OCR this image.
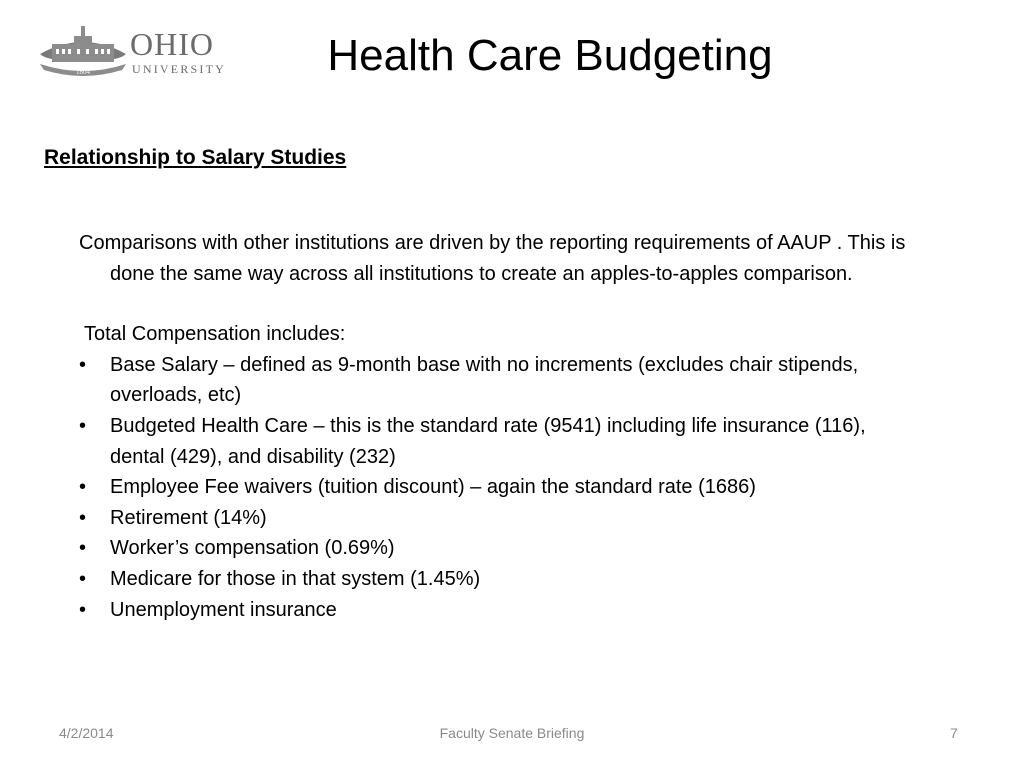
1804
OHIO
UNIVERSITY	Health Care Budgeting
Relationship to Salary Studies

Comparisons with other institutions are driven by the reporting requirements of AAUP . This is done the same way across all institutions to create an apples-to-apples comparison.

Total Compensation includes:

• Base Salary – defined as 9-month base with no increments (excludes chair stipends, overloads, etc)
• Budgeted Health Care – this is the standard rate (9541) including life insurance (116), dental (429), and disability (232)
• Employee Fee waivers (tuition discount) – again the standard rate (1686)
• Retirement (14%)
• Worker’s compensation (0.69%)
• Medicare for those in that system (1.45%)
• Unemployment insurance
4/2/2014	Faculty Senate Briefing	7
